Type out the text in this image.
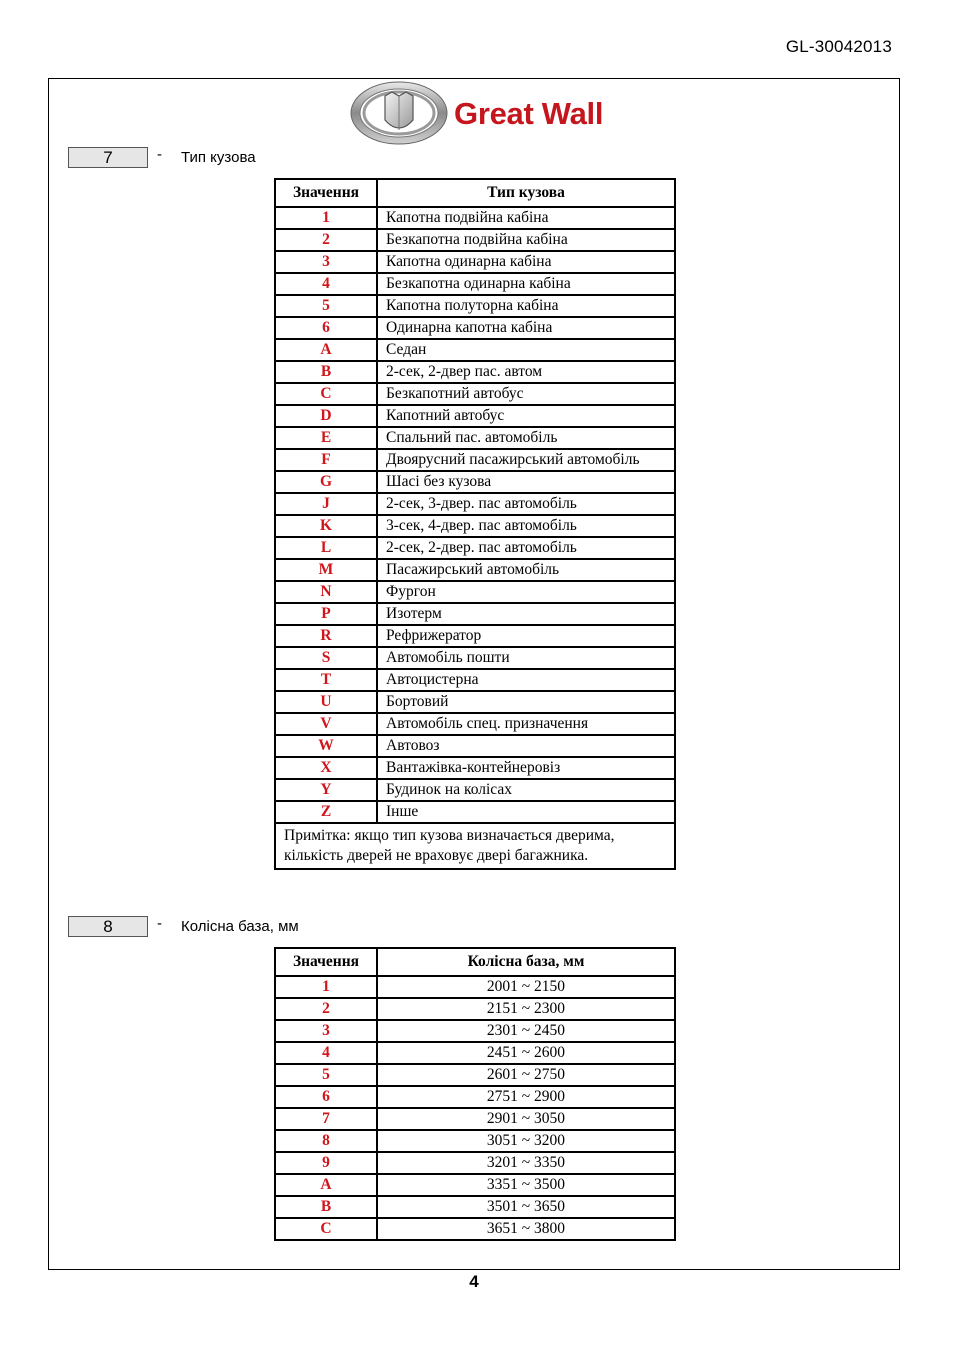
GL-30042013
Great Wall
7	- Тип кузова
Значення	Тип кузова
1	Капотна подвійна кабіна
2	Безкапотна подвійна кабіна
3	Капотна одинарна кабіна
4	Безкапотна одинарна кабіна
5	Капотна полуторна кабіна
6	Одинарна капотна кабіна
A	Седан
B	2-сек, 2-двер пас. автом
C	Безкапотний автобус
D	Капотний автобус
E	Спальний пас. автомобіль
F	Двоярусний пасажирський автомобіль
G	Шасі без кузова
J	2-сек, 3-двер. пас автомобіль
K	3-сек, 4-двер. пас автомобіль
L	2-сек, 2-двер. пас автомобіль
M	Пасажирський автомобіль
N	Фургон
P	Изотерм
R	Рефрижератор
S	Автомобіль пошти
T	Автоцистерна
U	Бортовий
V	Автомобіль спец. призначення
W	Автовоз
X	Вантажівка-контейнеровіз
Y	Будинок на колісах
Z	Інше

Примітка: якщо тип кузова визначається дверима,
кількість дверей не враховує двері багажника.	
8	- Колісна база, мм
Значення	Колісна база, мм
1	2001 ~ 2150
2	2151 ~ 2300
3	2301 ~ 2450
4	2451 ~ 2600
5	2601 ~ 2750
6	2751 ~ 2900
7	2901 ~ 3050
8	3051 ~ 3200
9	3201 ~ 3350
A	3351 ~ 3500
B	3501 ~ 3650
C	3651 ~ 3800
4
